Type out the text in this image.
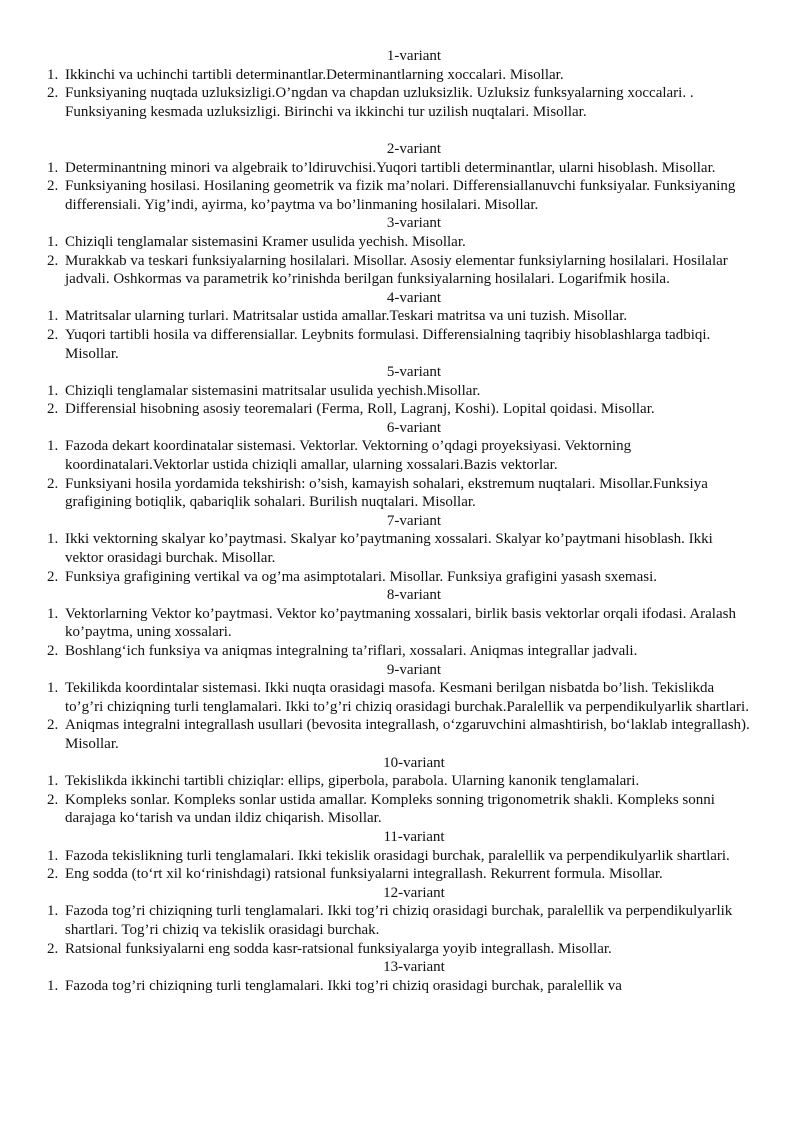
1-variant
1. Ikkinchi va uchinchi tartibli determinantlar.Determinantlarning xoccalari. Misollar.
2. Funksiyaning nuqtada uzluksizligi.O’ngdan va chapdan uzluksizlik. Uzluksiz funksyalarning xoccalari. . Funksiyaning kesmada uzluksizligi. Birinchi va ikkinchi tur uzilish nuqtalari. Misollar.
2-variant
1. Determinantning minori va algebraik to’ldiruvchisi.Yuqori tartibli determinantlar, ularni hisoblash. Misollar.
2. Funksiyaning hosilasi. Hosilaning geometrik va fizik ma’nolari. Differensiallanuvchi funksiyalar. Funksiyaning differensiali. Yig’indi, ayirma, ko’paytma va bo’linmaning hosilalari. Misollar.
3-variant
1. Chiziqli tenglamalar sistemasini Kramer usulida yechish. Misollar.
2. Murakkab va teskari funksiyalarning hosilalari. Misollar. Asosiy elementar funksiylarning hosilalari. Hosilalar jadvali. Oshkormas va parametrik ko’rinishda berilgan funksiyalarning hosilalari. Logarifmik hosila.
4-variant
1. Matritsalar ularning turlari. Matritsalar ustida amallar.Teskari matritsa va uni tuzish. Misollar.
2. Yuqori tartibli hosila va differensiallar. Leybnits formulasi. Differensialning taqribiy hisoblashlarga tadbiqi. Misollar.
5-variant
1. Chiziqli tenglamalar sistemasini matritsalar usulida yechish.Misollar.
2. Differensial hisobning asosiy teoremalari (Ferma, Roll, Lagranj, Koshi). Lopital qoidasi. Misollar.
6-variant
1. Fazoda dekart koordinatalar sistemasi. Vektorlar. Vektorning o’qdagi proyeksiyasi. Vektorning koordinatalari.Vektorlar ustida chiziqli amallar, ularning xossalari.Bazis vektorlar.
2. Funksiyani hosila yordamida tekshirish: o’sish, kamayish sohalari, ekstremum nuqtalari. Misollar.Funksiya grafigining botiqlik, qabariqlik sohalari. Burilish nuqtalari. Misollar.
7-variant
1. Ikki vektorning skalyar ko’paytmasi. Skalyar ko’paytmaning xossalari. Skalyar ko’paytmani hisoblash. Ikki vektor orasidagi burchak. Misollar.
2. Funksiya grafigining vertikal va og’ma asimptotalari. Misollar. Funksiya grafigini yasash sxemasi.
8-variant
1. Vektorlarning Vektor ko’paytmasi. Vektor ko’paytmaning xossalari, birlik basis vektorlar orqali ifodasi. Aralash ko’paytma, uning xossalari.
2. Boshlang‘ich funksiya va aniqmas integralning ta’riflari, xossalari. Aniqmas integrallar jadvali.
9-variant
1. Tekilikda koordintalar sistemasi. Ikki nuqta orasidagi masofa. Kesmani berilgan nisbatda bo’lish. Tekislikda to’g’ri chiziqning turli tenglamalari. Ikki to’g’ri chiziq orasidagi burchak.Paralellik va perpendikulyarlik shartlari.
2. Aniqmas integralni integrallash usullari (bevosita integrallash, o‘zgaruvchini almashtirish, bo‘laklab integrallash). Misollar.
10-variant
1. Tekislikda ikkinchi tartibli chiziqlar: ellips, giperbola, parabola. Ularning kanonik tenglamalari.
2. Kompleks sonlar. Kompleks sonlar ustida amallar. Kompleks sonning trigonometrik shakli. Kompleks sonni darajaga ko‘tarish va undan ildiz chiqarish. Misollar.
11-variant
1. Fazoda tekislikning turli tenglamalari. Ikki tekislik orasidagi burchak, paralellik va perpendikulyarlik shartlari.
2. Eng sodda (to‘rt xil ko‘rinishdagi) ratsional funksiyalarni integrallash. Rekurrent formula. Misollar.
12-variant
1. Fazoda tog’ri chiziqning turli tenglamalari. Ikki tog’ri chiziq orasidagi burchak, paralellik va perpendikulyarlik shartlari. Tog’ri chiziq va tekislik orasidagi burchak.
2. Ratsional funksiyalarni eng sodda kasr-ratsional funksiyalarga yoyib integrallash. Misollar.
13-variant
1. Fazoda tog’ri chiziqning turli tenglamalari. Ikki tog’ri chiziq orasidagi burchak, paralellik va
